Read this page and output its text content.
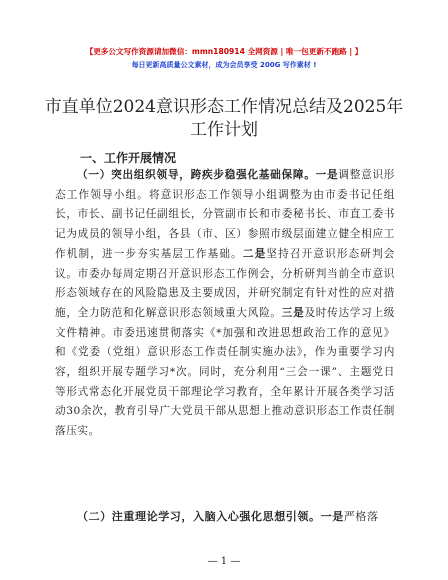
【更多公文写作资源请加微信：mmn180914 全网资源 | 唯一包更新不跑路 | 】
每日更新高质量公文素材，成为会员享受 200G 写作素材 !
市直单位2024意识形态工作情况总结及2025年
工作计划
一、工作开展情况

（一）突出组织领导，跨疾步稳强化基础保障。一是调整意识形态工作领导小组。将意识形态工作领导小组调整为由市委书记任组长，市长、副书记任副组长，分管副市长和市委秘书长、市直工委书记为成员的领导小组，各县（市、区）参照市级层面建立健全相应工作机制，进一步夯实基层工作基础。二是坚持召开意识形态研判会议。市委办每周定期召开意识形态工作例会，分析研判当前全市意识形态领域存在的风险隐患及主要成因，并研究制定有针对性的应对措施，全力防范和化解意识形态领域重大风险。三是及时传达学习上级文件精神。市委迅速贯彻落实《*加强和改进思想政治工作的意见》和《党委（党组）意识形态工作责任制实施办法》，作为重要学习内容，组织开展专题学习*次。同时，充分利用“三会一课”、主题党日等形式常态化开展党员干部理论学习教育，全年累计开展各类学习活动30余次，教育引导广大党员干部从思想上推动意识形态工作责任制落压实。

（二）注重理论学习，入脑入心强化思想引领。一是严格落
— 1 —
